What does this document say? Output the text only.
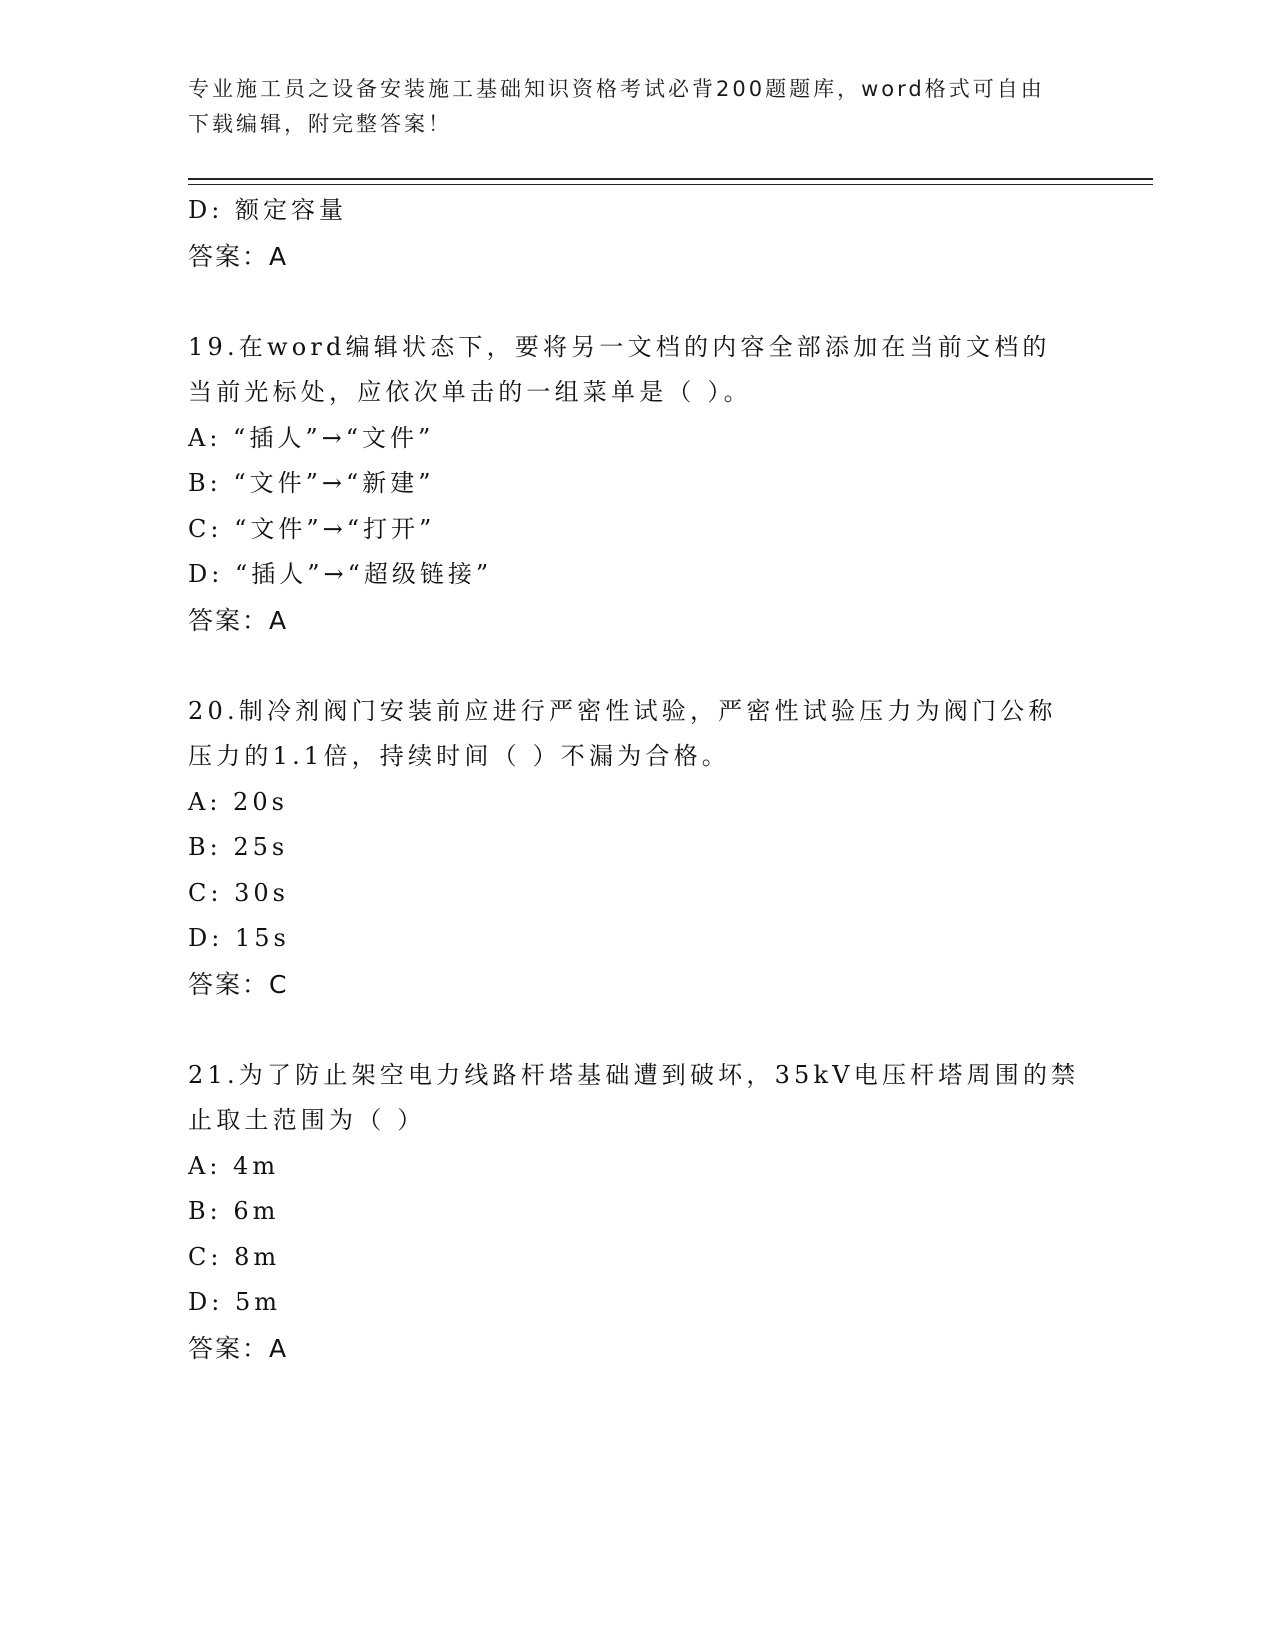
专业施工员之设备安装施工基础知识资格考试必背200题题库，word格式可自由
下载编辑，附完整答案！
D: 额定容量
答案：A
19.在word编辑状态下，要将另一文档的内容全部添加在当前文档的
当前光标处，应依次单击的一组菜单是（ ）。
A: “插人”→“文件”
B: “文件”→“新建”
C: “文件”→“打开”
D: “插人”→“超级链接”
答案：A
20.制冷剂阀门安装前应进行严密性试验，严密性试验压力为阀门公称
压力的1.1倍，持续时间（ ）不漏为合格。
A: 20s
B: 25s
C: 30s
D: 15s
答案：C
21.为了防止架空电力线路杆塔基础遭到破坏，35kV电压杆塔周围的禁
止取土范围为（ ）
A: 4m
B: 6m
C: 8m
D: 5m
答案：A
